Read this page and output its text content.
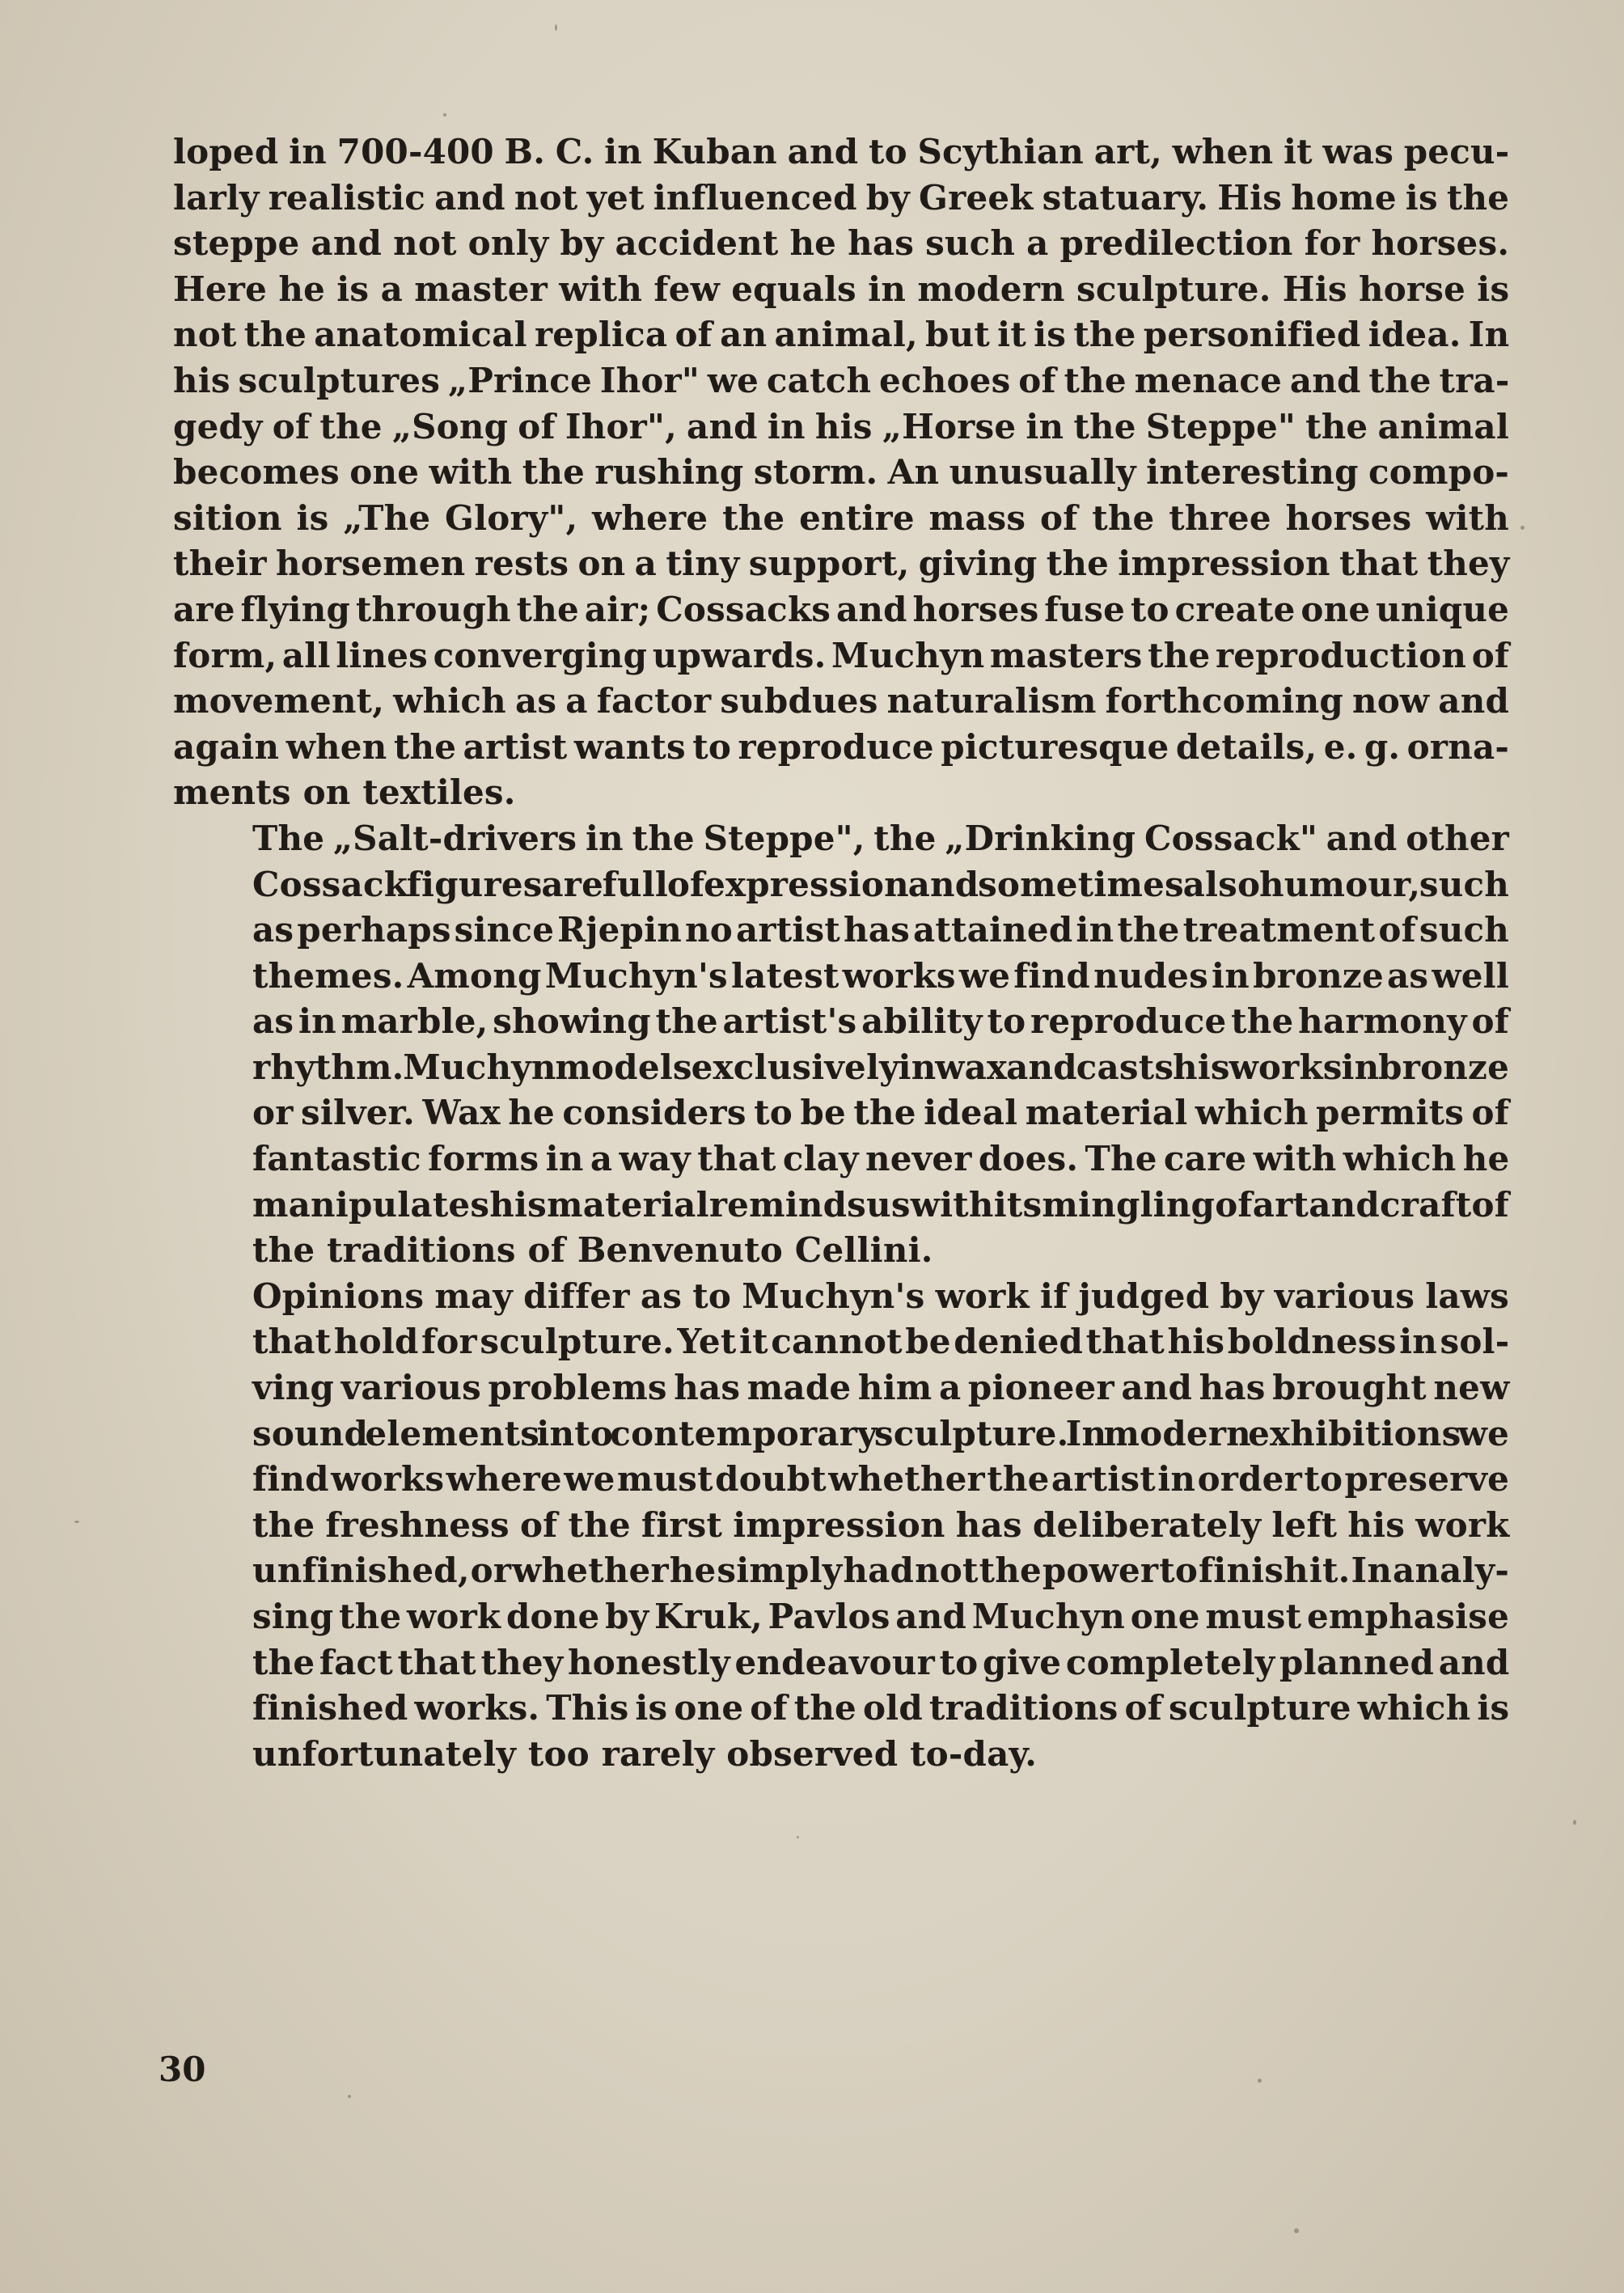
loped in 700-400 B. C. in Kuban and to Scythian art, when it was pecu-
larly realistic and not yet influenced by Greek statuary. His home is the
steppe and not only by accident he has such a predilection for horses.
Here he is a master with few equals in modern sculpture. His horse is
not the anatomical replica of an animal, but it is the personified idea. In
his sculptures „Prince Ihor" we catch echoes of the menace and the tra-
gedy of the „Song of Ihor", and in his „Horse in the Steppe" the animal
becomes one with the rushing storm. An unusually interesting compo-
sition is „The Glory", where the entire mass of the three horses with
their horsemen rests on a tiny support, giving the impression that they
are flying through the air; Cossacks and horses fuse to create one unique
form, all lines converging upwards. Muchyn masters the reproduction of
movement, which as a factor subdues naturalism forthcoming now and
again when the artist wants to reproduce picturesque details, e. g. orna-
ments on textiles.

The „Salt-drivers in the Steppe", the „Drinking Cossack" and other
Cossack figures are full of expression and sometimes also humour, such
as perhaps since Rjepin no artist has attained in the treatment of such
themes. Among Muchyn's latest works we find nudes in bronze as well
as in marble, showing the artist's ability to reproduce the harmony of
rhythm. Muchyn models exclusively in wax and casts his works in bronze
or silver. Wax he considers to be the ideal material which permits of
fantastic forms in a way that clay never does. The care with which he
manipulates his material reminds us with its mingling of art and craft of
the traditions of Benvenuto Cellini.

Opinions may differ as to Muchyn's work if judged by various laws
that hold for sculpture. Yet it cannot be denied that his boldness in sol-
ving various problems has made him a pioneer and has brought new
sound elements into contemporary sculpture. In modern exhibitions we
find works where we must doubt whether the artist in order to preserve
the freshness of the first impression has deliberately left his work
unfinished, or whether he simply had not the power to finish it. In analy-
sing the work done by Kruk, Pavlos and Muchyn one must emphasise
the fact that they honestly endeavour to give completely planned and
finished works. This is one of the old traditions of sculpture which is
unfortunately too rarely observed to-day.

30
